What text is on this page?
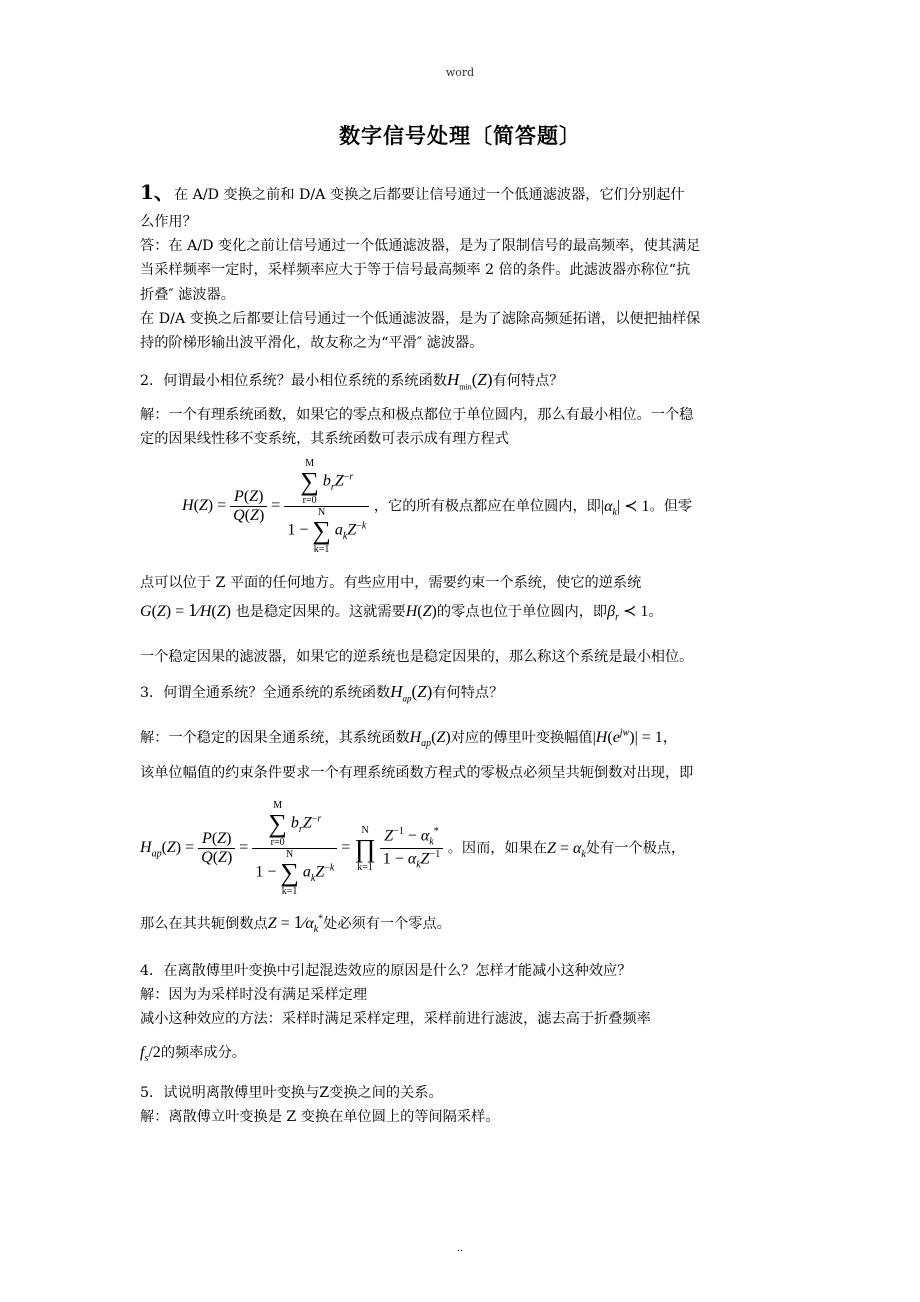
word
数字信号处理〔简答题〕
1、在 A/D 变换之前和 D/A 变换之后都要让信号通过一个低通滤波器，它们分别起什
么作用？
答：在 A/D 变化之前让信号通过一个低通滤波器，是为了限制信号的最高频率，使其满足
当采样频率一定时，采样频率应大于等于信号最高频率 2 倍的条件。此滤波器亦称位“抗
折叠″ 滤波器。
在 D/A 变换之后都要让信号通过一个低通滤波器，是为了滤除高频延拓谱，以便把抽样保
持的阶梯形输出波平滑化，故友称之为“平滑″ 滤波器。
2．何谓最小相位系统？最小相位系统的系统函数$H_{min}(Z)$有何特点？
解：一个有理系统函数，如果它的零点和极点都位于单位圆内，那么有最小相位。一个稳
定的因果线性移不变系统，其系统函数可表示成有理方程式
$H(Z) = \frac{P(Z)}{Q(Z)} = M$
∑
r=0
$b_rZ^{-r}$
1 −
N
∑
k=1
$a_kZ^{-k}$ ，它的所有极点都应在单位圆内，即$|\alpha_k|$ ≺ 1。但零
点可以位于 Z 平面的任何地方。有些应用中，需要约束一个系统，使它的逆系统
G(Z) = 1∕H(Z) 也是稳定因果的。这就需要H(Z)的零点也位于单位圆内，即$\beta_r$ ≺ 1。
一个稳定因果的滤波器，如果它的逆系统也是稳定因果的，那么称这个系统是最小相位。
3．何谓全通系统？全通系统的系统函数$H_{ap}(Z)$有何特点？
解：一个稳定的因果全通系统，其系统函数$H_{ap}(Z)$对应的傅里叶变换幅值$|H(e^{jw})| = 1$，
该单位幅值的约束条件要求一个有理系统函数方程式的零极点必须呈共轭倒数对出现，即
$H_{ap}(Z) = \frac{P(Z)}{Q(Z)} = M$
∑
r=0
$b_rZ^{-r}$
1 −
N
∑
k=1
$a_kZ^{-k}$ =
N
∏
k=1
$\frac{Z^{-1} - \alpha_k^*}{1 - \alpha_kZ^{-1}}$ 。因而，如果在$Z = \alpha_k$处有一个极点，
那么在其共轭倒数点$Z = 1∕\alpha_k^*$处必须有一个零点。
4．在离散傅里叶变换中引起混迭效应的原因是什么？怎样才能减小这种效应？
解：因为为采样时没有满足采样定理
减小这种效应的方法：采样时满足采样定理，采样前进行滤波，滤去高于折叠频率
$f_s/2$的频率成分。
5．试说明离散傅里叶变换与Z变换之间的关系。
解：离散傅立叶变换是 Z 变换在单位圆上的等间隔采样。
..
